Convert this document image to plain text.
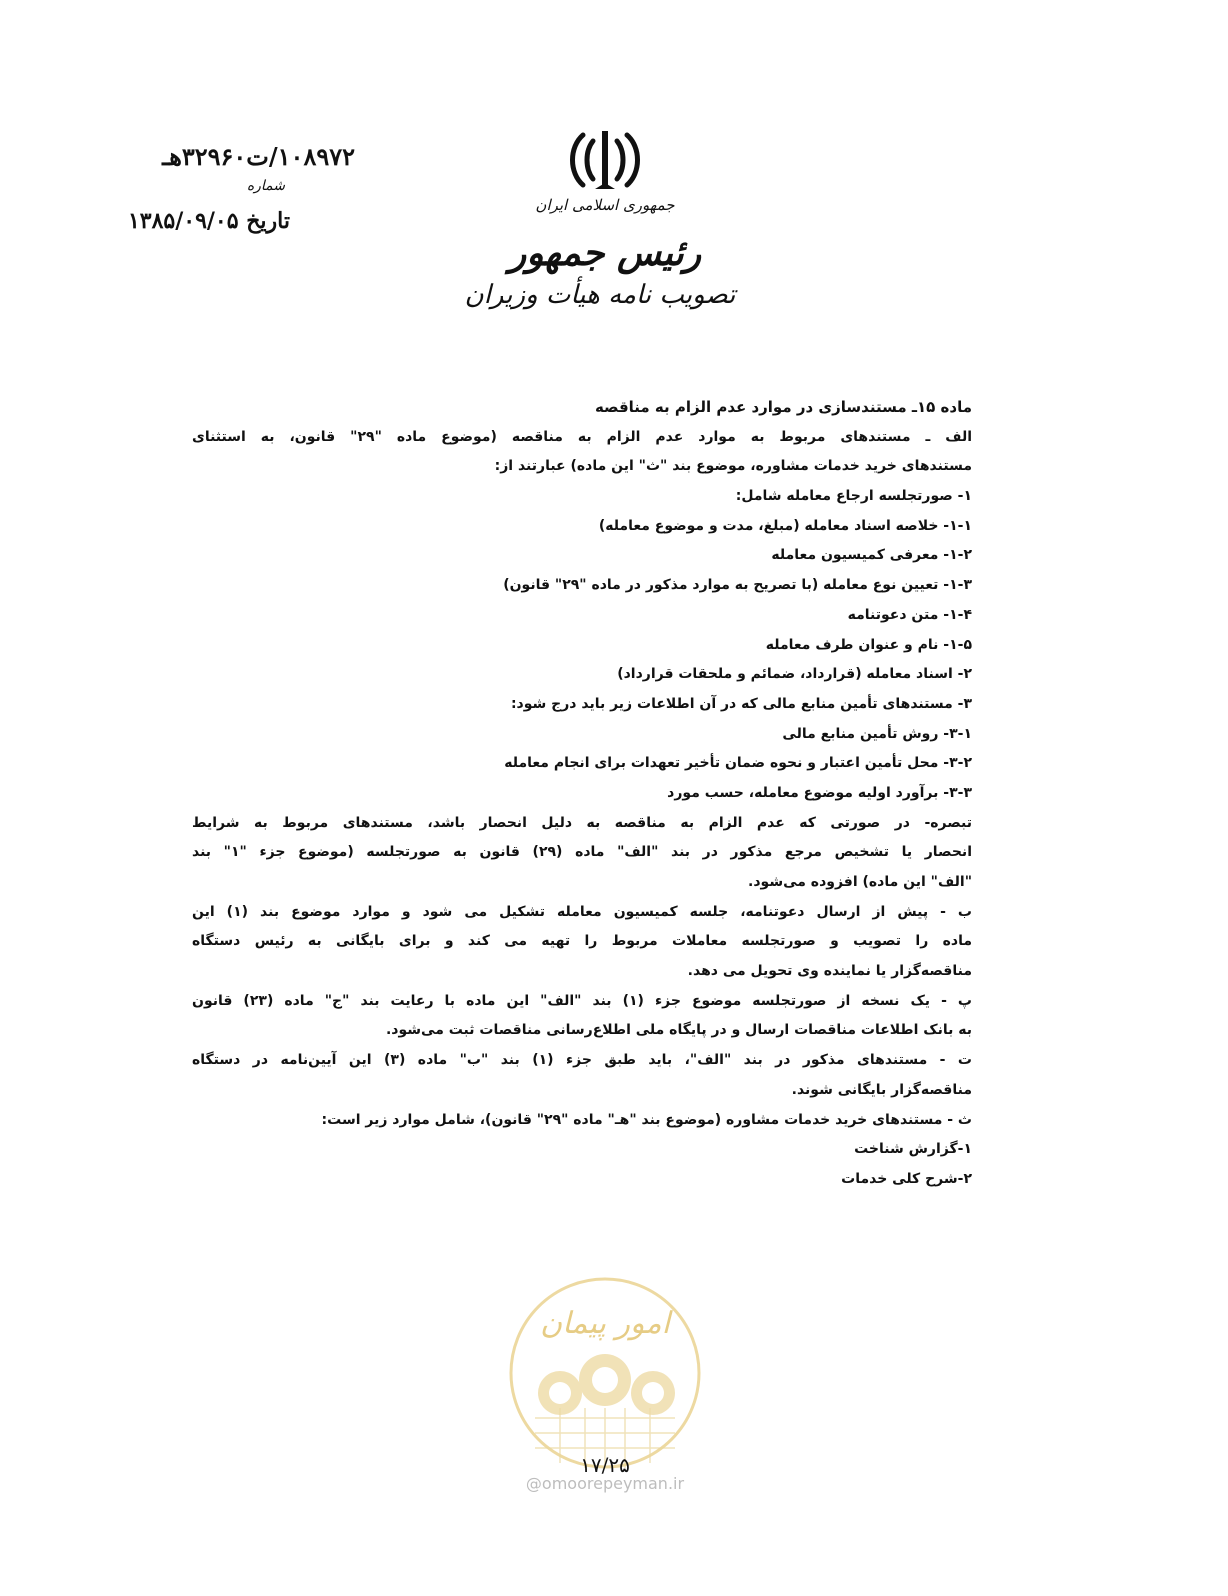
جمهوری اسلامی ایران
رئیس جمهور
تصویب نامه هیأت وزیران
۱۰۸۹۷۲/ت۳۲۹۶۰هـ
شماره
تاریخ ۱۳۸۵/۰۹/۰۵
ماده ۱۵ـ مستندسازی در موارد عدم الزام به مناقصه
الف ـ مستندهای مربوط به موارد عدم الزام به مناقصه (موضوع ماده "۲۹" قانون، به استثنای
مستندهای خرید خدمات مشاوره، موضوع بند "ث" این ماده) عبارتند از:
۱- صورتجلسه ارجاع معامله شامل:
۱-۱- خلاصه اسناد معامله (مبلغ، مدت و موضوع معامله)
۱-۲- معرفی کمیسیون معامله
۱-۳- تعیین نوع معامله (با تصریح به موارد مذکور در ماده "۲۹" قانون)
۱-۴- متن دعوتنامه
۱-۵- نام و عنوان طرف معامله
۲- اسناد معامله (قرارداد، ضمائم و ملحقات قرارداد)
۳- مستندهای تأمین منابع مالی که در آن اطلاعات زیر باید درج شود:
۳-۱- روش تأمین منابع مالی
۳-۲- محل تأمین اعتبار و نحوه ضمان تأخیر تعهدات برای انجام معامله
۳-۳- برآورد اولیه موضوع معامله، حسب مورد
تبصره- در صورتی که عدم الزام به مناقصه به دلیل انحصار باشد، مستندهای مربوط به شرایط
انحصار یا تشخیص مرجع مذکور در بند "الف" ماده (۲۹) قانون به صورتجلسه (موضوع جزء "۱" بند
"الف" این ماده) افزوده می‌شود.
ب - پیش از ارسال دعوتنامه، جلسه کمیسیون معامله تشکیل می شود و موارد موضوع بند (۱) این
ماده را تصویب و صورتجلسه معاملات مربوط را تهیه می کند و برای بایگانی به رئیس دستگاه
مناقصه‌گزار یا نماینده وی تحویل می دهد.
پ - یک نسخه از صورتجلسه موضوع جزء (۱) بند "الف" این ماده با رعایت بند "ج" ماده (۲۳) قانون
به بانک اطلاعات مناقصات ارسال و در پایگاه ملی اطلاع‌رسانی مناقصات ثبت می‌شود.
ت - مستندهای مذکور در بند "الف"، باید طبق جزء (۱) بند "ب" ماده (۳) این آیین‌نامه در دستگاه
مناقصه‌گزار بایگانی شوند.
ث - مستندهای خرید خدمات مشاوره (موضوع بند "هـ" ماده "۲۹" قانون)، شامل موارد زیر است:
۱-گزارش شناخت
۲-شرح کلی خدمات
امور پیمان
۱۷/۲۵
@omoorepeyman.ir
